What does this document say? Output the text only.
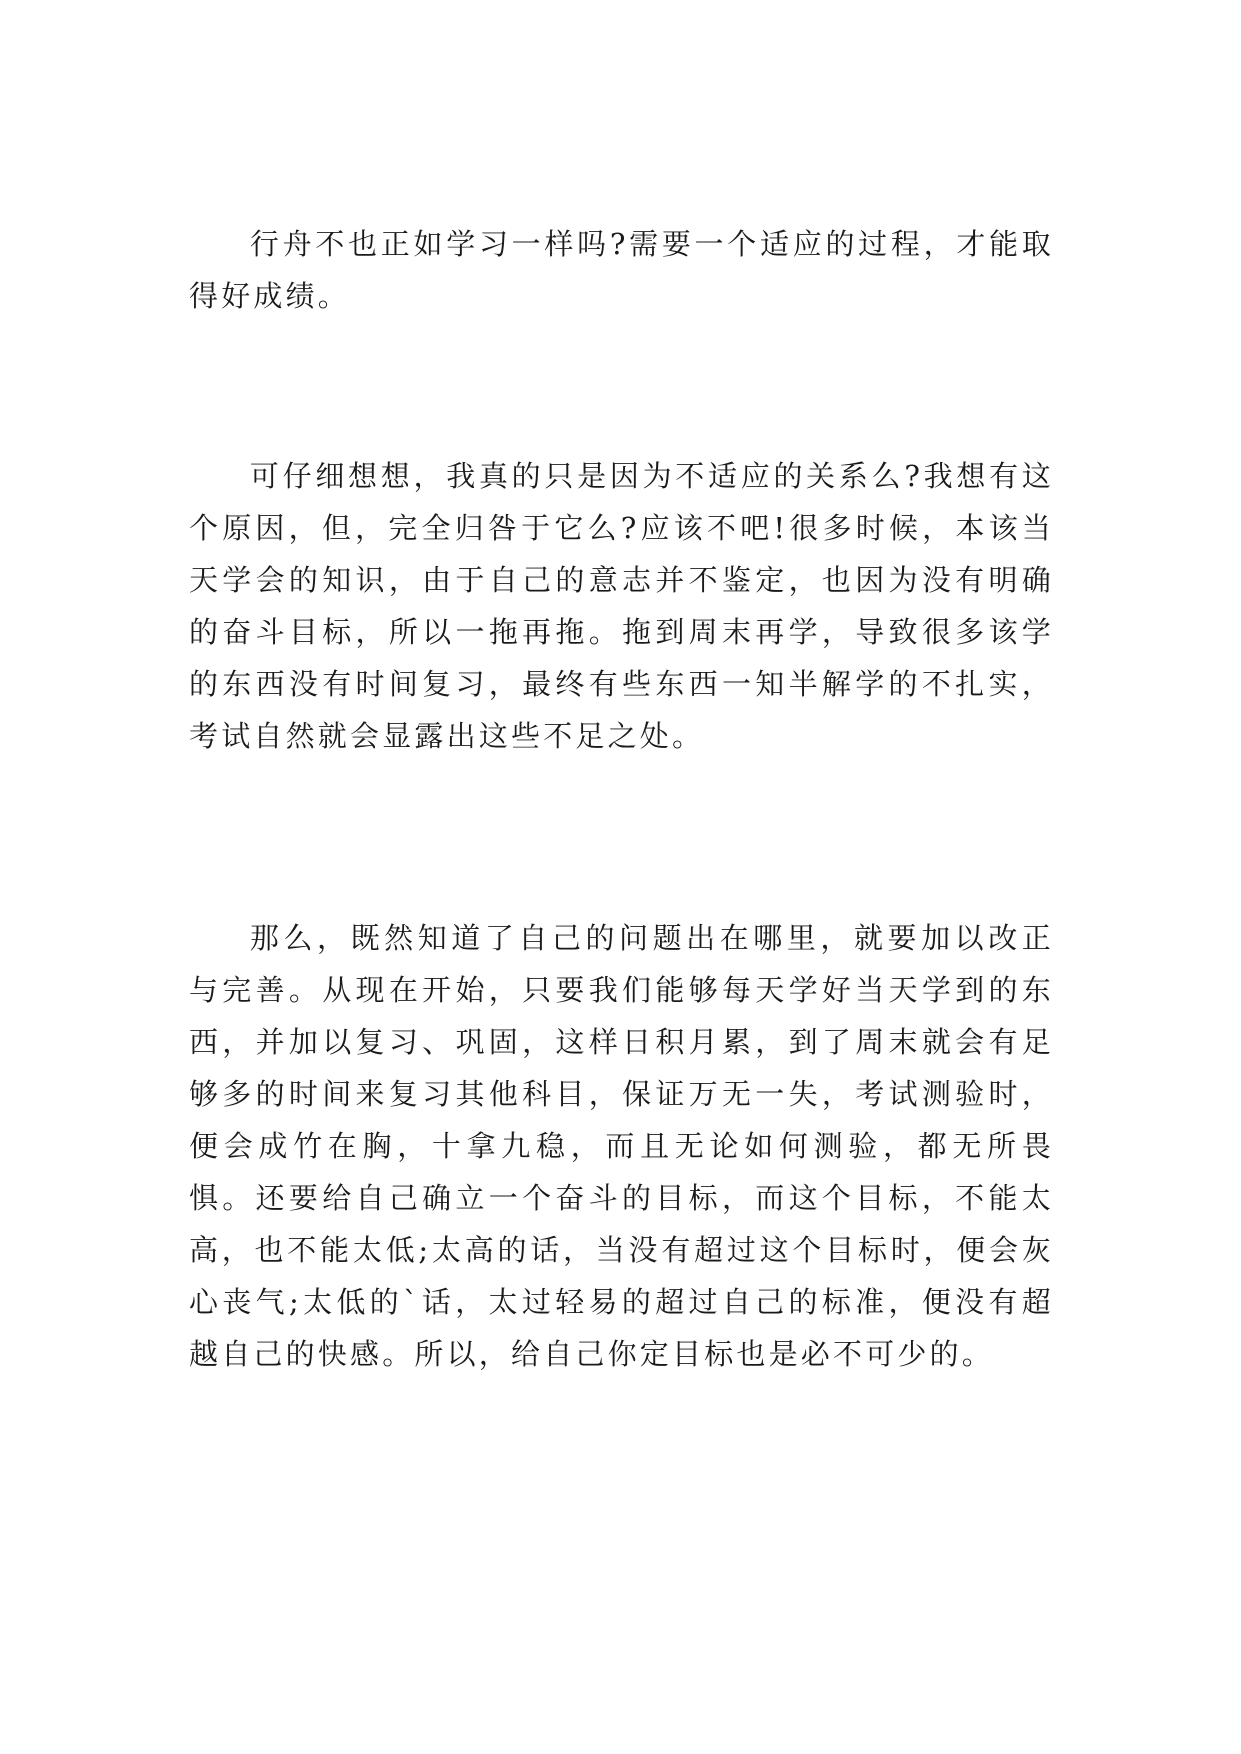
行舟不也正如学习一样吗?需要一个适应的过程，才能取得好成绩。

可仔细想想，我真的只是因为不适应的关系么?我想有这个原因，但，完全归咎于它么?应该不吧!很多时候，本该当天学会的知识，由于自己的意志并不鉴定，也因为没有明确的奋斗目标，所以一拖再拖。拖到周末再学，导致很多该学的东西没有时间复习，最终有些东西一知半解学的不扎实，考试自然就会显露出这些不足之处。

那么，既然知道了自己的问题出在哪里，就要加以改正与完善。从现在开始，只要我们能够每天学好当天学到的东西，并加以复习、巩固，这样日积月累，到了周末就会有足够多的时间来复习其他科目，保证万无一失，考试测验时，便会成竹在胸，十拿九稳，而且无论如何测验，都无所畏惧。还要给自己确立一个奋斗的目标，而这个目标，不能太高，也不能太低;太高的话，当没有超过这个目标时，便会灰心丧气;太低的`话，太过轻易的超过自己的标准，便没有超越自己的快感。所以，给自己你定目标也是必不可少的。
